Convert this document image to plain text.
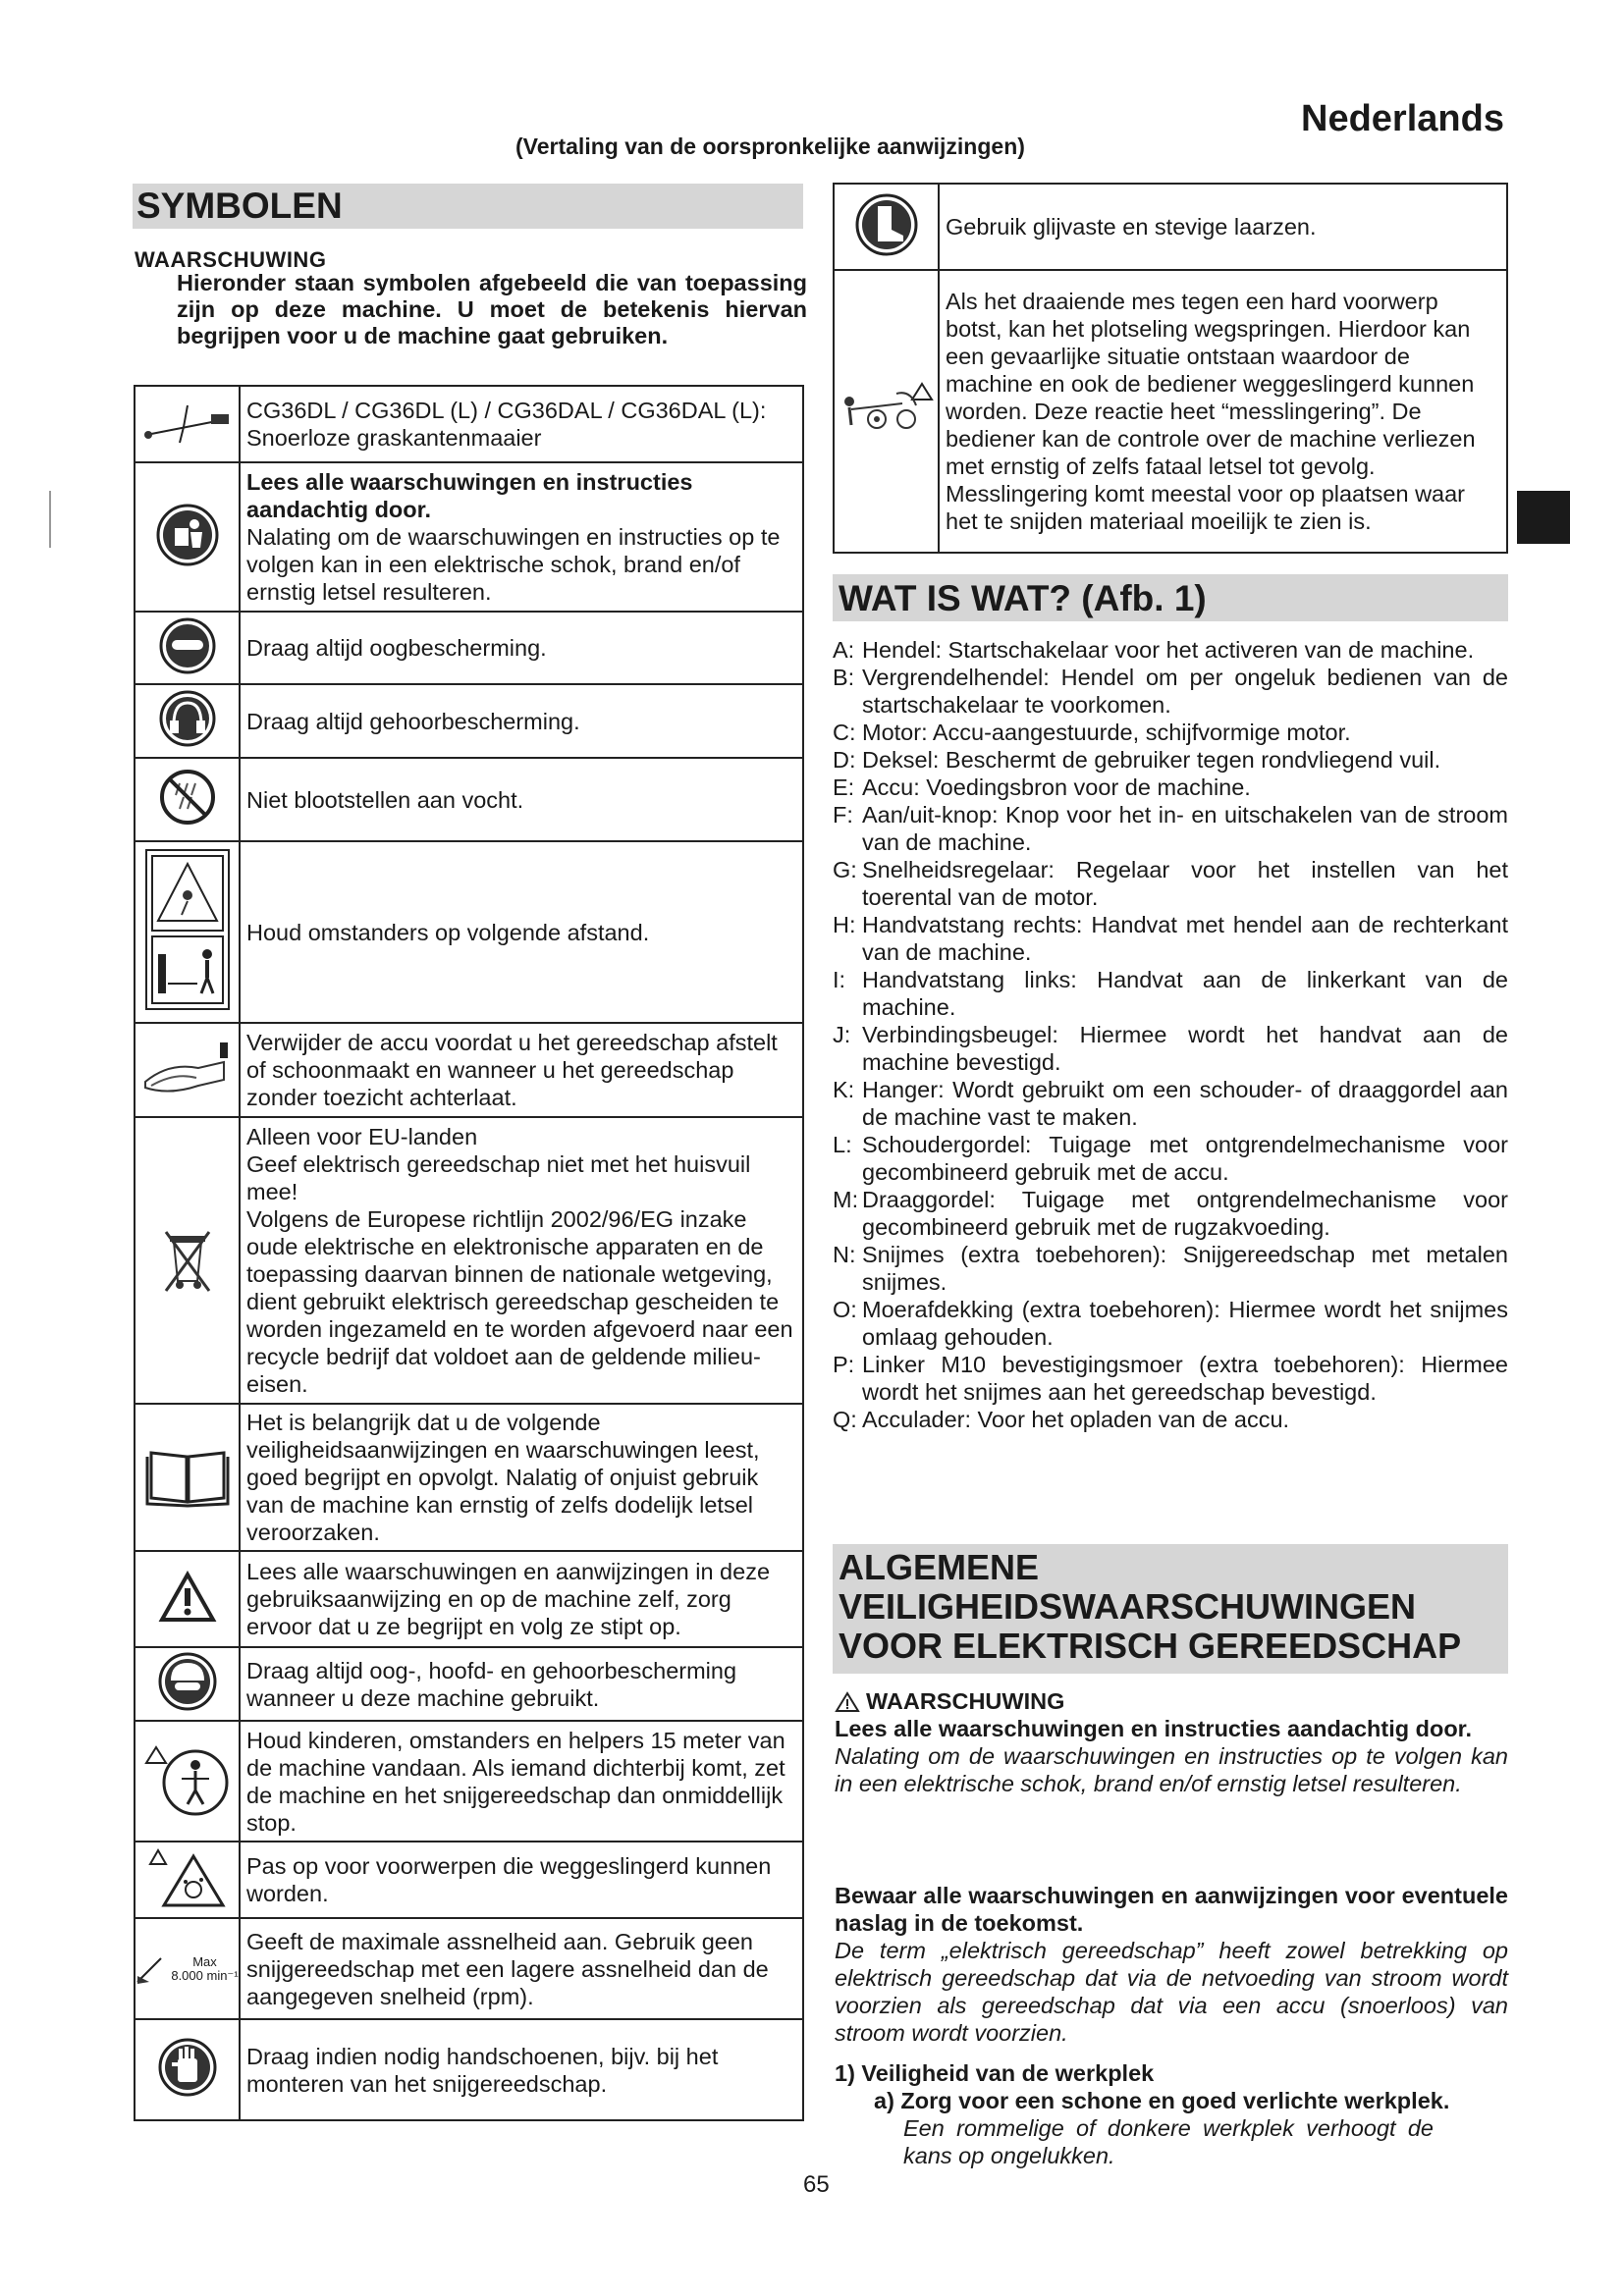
Nederlands
(Vertaling van de oorspronkelijke aanwijzingen)
SYMBOLEN
WAARSCHUWING
Hieronder staan symbolen afgebeeld die van toepassing zijn op deze machine. U moet de betekenis hiervan begrijpen voor u de machine gaat gebruiken.
	CG36DL / CG36DL (L) / CG36DAL / CG36DAL (L):
Snoerloze graskantenmaaier

Lees alle waarschuwingen en instructies aandachtig door.
Nalating om de waarschuwingen en instructies op te volgen kan in een elektrische schok, brand en/of ernstig letsel resulteren.
	Draag altijd oogbescherming.
	Draag altijd gehoorbescherming.
	Niet blootstellen aan vocht.
	Houd omstanders op volgende afstand.
	Verwijder de accu voordat u het gereedschap afstelt of schoonmaakt en wanneer u het gereedschap zonder toezicht achterlaat.
	Alleen voor EU-landen
Geef elektrisch gereedschap niet met het huisvuil mee!
Volgens de Europese richtlijn 2002/96/EG inzake oude elektrische en elektronische apparaten en de toepassing daarvan binnen de nationale wetgeving, dient gebruikt elektrisch gereedschap gescheiden te worden ingezameld en te worden afgevoerd naar een recycle bedrijf dat voldoet aan de geldende milieu-eisen.
	Het is belangrijk dat u de volgende veiligheidsaanwijzingen en waarschuwingen leest, goed begrijpt en opvolgt. Nalatig of onjuist gebruik van de machine kan ernstig of zelfs dodelijk letsel veroorzaken.
	Lees alle waarschuwingen en aanwijzingen in deze gebruiksaanwijzing en op de machine zelf, zorg ervoor dat u ze begrijpt en volg ze stipt op.
	Draag altijd oog-, hoofd- en gehoorbescherming wanneer u deze machine gebruikt.
	Houd kinderen, omstanders en helpers 15 meter van de machine vandaan. Als iemand dichterbij komt, zet de machine en het snijgereedschap dan onmiddellijk stop.
	Pas op voor voorwerpen die weggeslingerd kunnen worden.

Max
8.000 min⁻¹	Geeft de maximale assnelheid aan. Gebruik geen snijgereedschap met een lagere assnelheid dan de aangegeven snelheid (rpm).
	Draag indien nodig handschoenen, bijv. bij het monteren van het snijgereedschap.
	Gebruik glijvaste en stevige laarzen.
	Als het draaiende mes tegen een hard voorwerp botst, kan het plotseling wegspringen. Hierdoor kan een gevaarlijke situatie ontstaan waardoor de machine en ook de bediener weggeslingerd kunnen worden. Deze reactie heet “messlingering”. De bediener kan de controle over de machine verliezen met ernstig of zelfs fataal letsel tot gevolg. Messlingering komt meestal voor op plaatsen waar het te snijden materiaal moeilijk te zien is.
WAT IS WAT? (Afb. 1)
A: Hendel: Startschakelaar voor het activeren van de machine.
B: Vergrendelhendel: Hendel om per ongeluk bedienen van de startschakelaar te voorkomen.
C: Motor: Accu-aangestuurde, schijfvormige motor.
D: Deksel: Beschermt de gebruiker tegen rondvliegend vuil.
E: Accu: Voedingsbron voor de machine.
F: Aan/uit-knop: Knop voor het in- en uitschakelen van de stroom van de machine.
G: Snelheidsregelaar: Regelaar voor het instellen van het toerental van de motor.
H: Handvatstang rechts: Handvat met hendel aan de rechterkant van de machine.
I: Handvatstang links: Handvat aan de linkerkant van de machine.
J: Verbindingsbeugel: Hiermee wordt het handvat aan de machine bevestigd.
K: Hanger: Wordt gebruikt om een schouder- of draaggordel aan de machine vast te maken.
L: Schoudergordel: Tuigage met ontgrendelmechanisme voor gecombineerd gebruik met de accu.
M: Draaggordel: Tuigage met ontgrendelmechanisme voor gecombineerd gebruik met de rugzakvoeding.
N: Snijmes (extra toebehoren): Snijgereedschap met metalen snijmes.
O: Moerafdekking (extra toebehoren): Hiermee wordt het snijmes omlaag gehouden.
P: Linker M10 bevestigingsmoer (extra toebehoren): Hiermee wordt het snijmes aan het gereedschap bevestigd.
Q: Acculader: Voor het opladen van de accu.
ALGEMENE VEILIGHEIDSWAARSCHUWINGEN VOOR ELEKTRISCH GEREEDSCHAP
WAARSCHUWING
Lees alle waarschuwingen en instructies aandachtig door.
Nalating om de waarschuwingen en instructies op te volgen kan in een elektrische schok, brand en/of ernstig letsel resulteren.
Bewaar alle waarschuwingen en aanwijzingen voor eventuele naslag in de toekomst.
De term „elektrisch gereedschap” heeft zowel betrekking op elektrisch gereedschap dat via de netvoeding van stroom wordt voorzien als gereedschap dat via een accu (snoerloos) van stroom wordt voorzien.
1) Veiligheid van de werkplek
a) Zorg voor een schone en goed verlichte werkplek.
Een rommelige of donkere werkplek verhoogt de kans op ongelukken.
65
